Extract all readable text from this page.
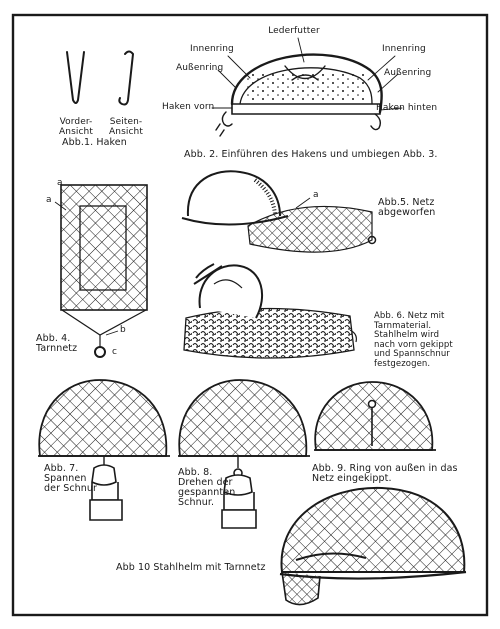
Vorder-
Ansicht
Seiten-
Ansicht
Abb.1. Haken
Lederfutter
Innenring	Innenring
Außenring	Außenring
Haken vorn	Haken hinten
Abb. 2. Einführen des Hakens und umbiegen Abb. 3.
a
a
b
c
Abb. 4.
Tarnnetz
a
Abb.5. Netz
abgeworfen
Abb. 6. Netz mit
Tarnmaterial.
Stahlhelm wird
nach vorn gekippt
und Spannschnur
festgezogen.
Abb. 7.
Spannen
der Schnur
Abb. 8.
Drehen der
gespannten
Schnur.
Abb. 9. Ring von außen in das
Netz eingekippt.
Abb 10 Stahlhelm mit Tarnnetz
